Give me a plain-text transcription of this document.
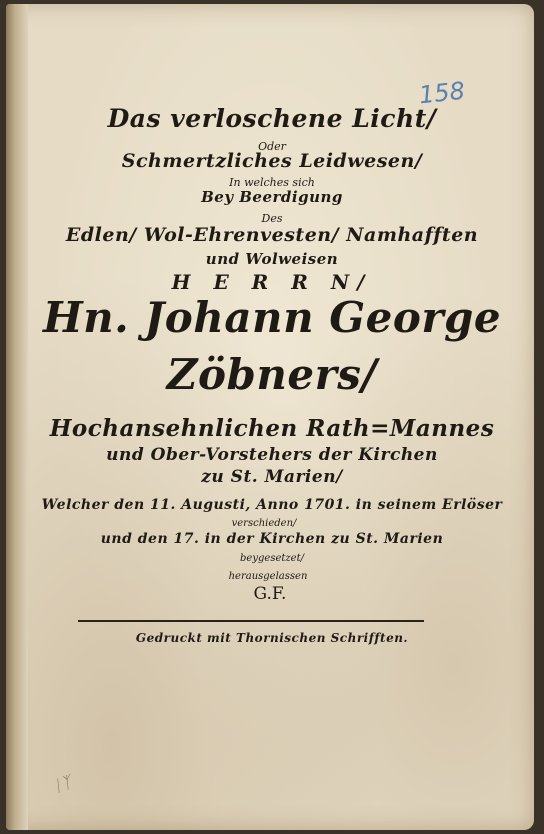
158
Das verloschene Licht/
Oder
Schmertzliches Leidwesen/
In welches sich
Bey Beerdigung
Des
Edlen/ Wol-Ehrenvesten/ Namhafften
und Wolweisen
H E R R N/
Hn. Johann George
Zöbners/
Hochansehnlichen Rath=Mannes
und Ober-Vorstehers der Kirchen
zu St. Marien/
Welcher den 11. Augusti, Anno 1701. in seinem Erlöser
verschieden/
und den 17. in der Kirchen zu St. Marien
beygesetzet/
herausgelassen
G.F.
Gedruckt mit Thornischen Schrifften.
ᛁᛉ
